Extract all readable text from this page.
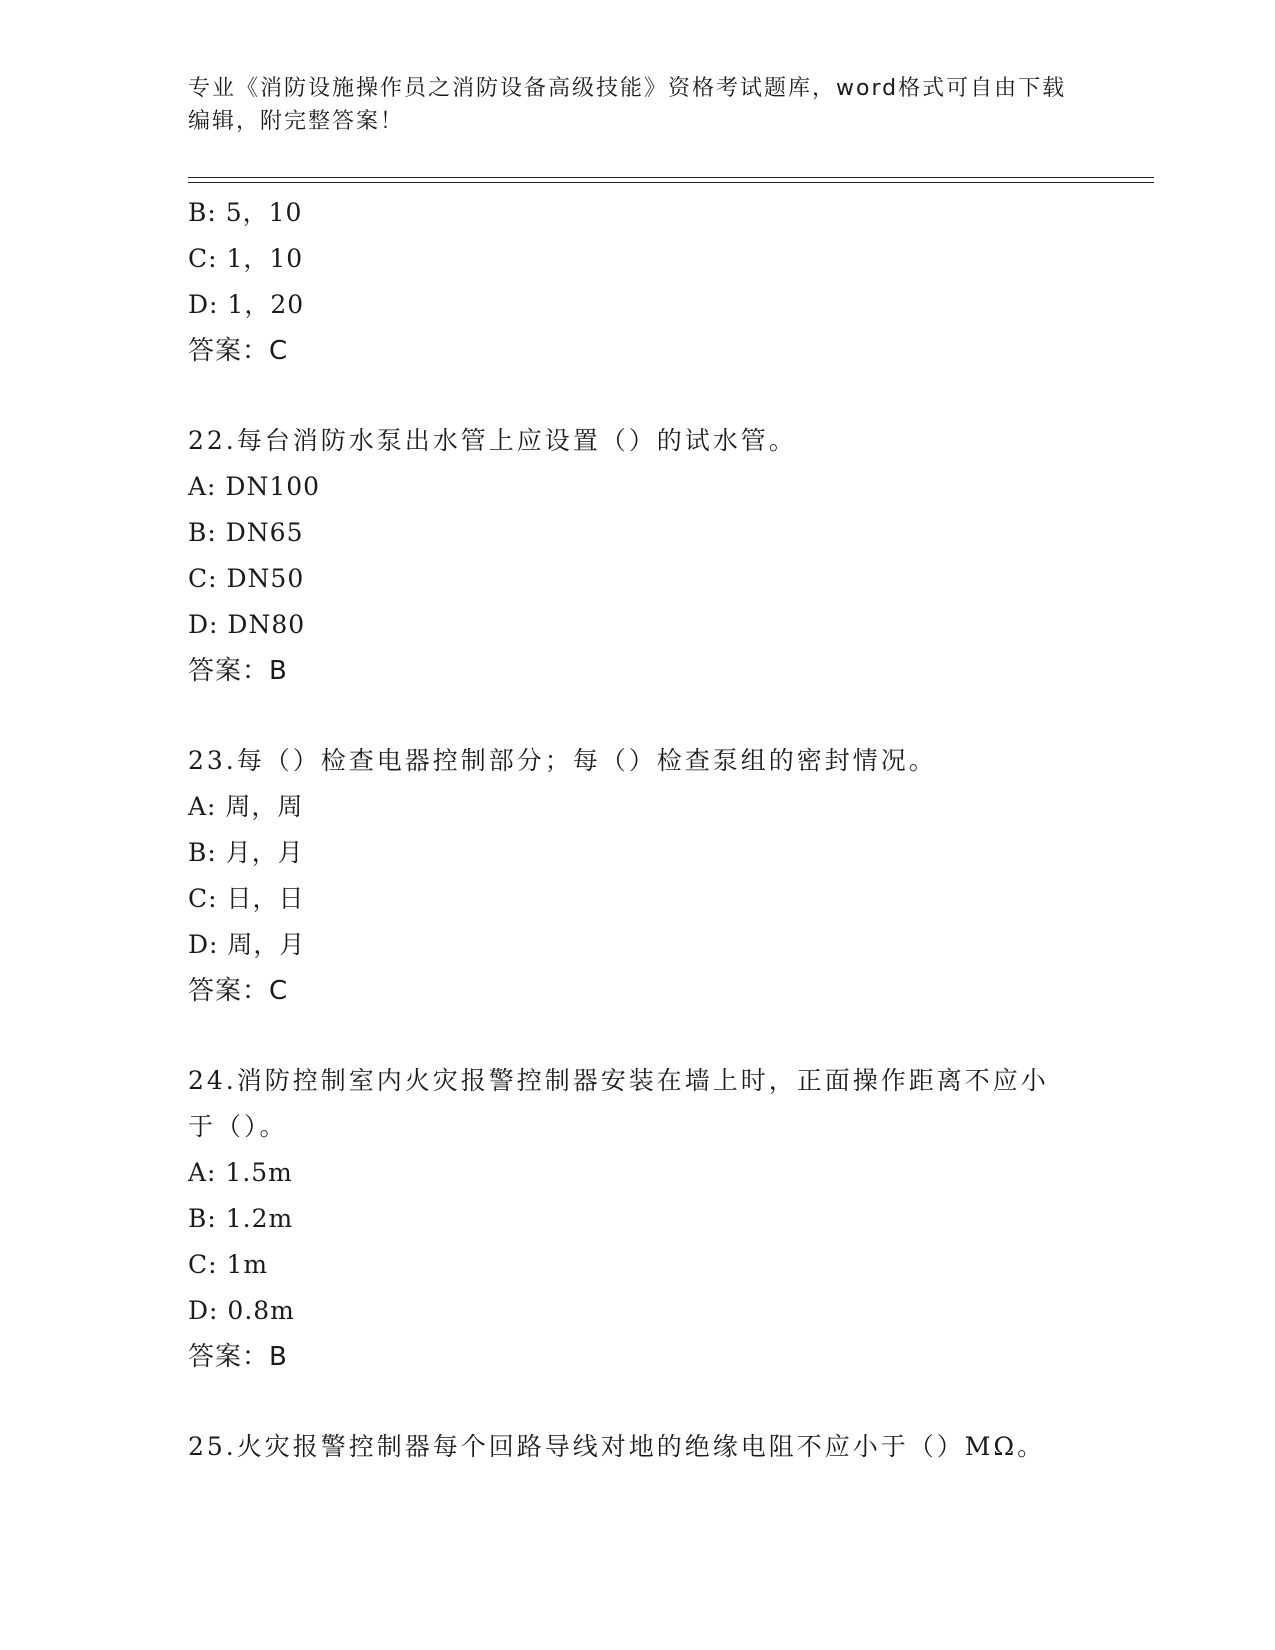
专业《消防设施操作员之消防设备高级技能》资格考试题库，word格式可自由下载编辑，附完整答案！
B: 5，10
C: 1，10
D: 1，20
答案：C
22.每台消防水泵出水管上应设置（）的试水管。
A: DN100
B: DN65
C: DN50
D: DN80
答案：B
23.每（）检查电器控制部分；每（）检查泵组的密封情况。
A: 周，周
B: 月，月
C: 日，日
D: 周，月
答案：C
24.消防控制室内火灾报警控制器安装在墙上时，正面操作距离不应小
于（）。
A: 1.5m
B: 1.2m
C: 1m
D: 0.8m
答案：B
25.火灾报警控制器每个回路导线对地的绝缘电阻不应小于（）MΩ。
